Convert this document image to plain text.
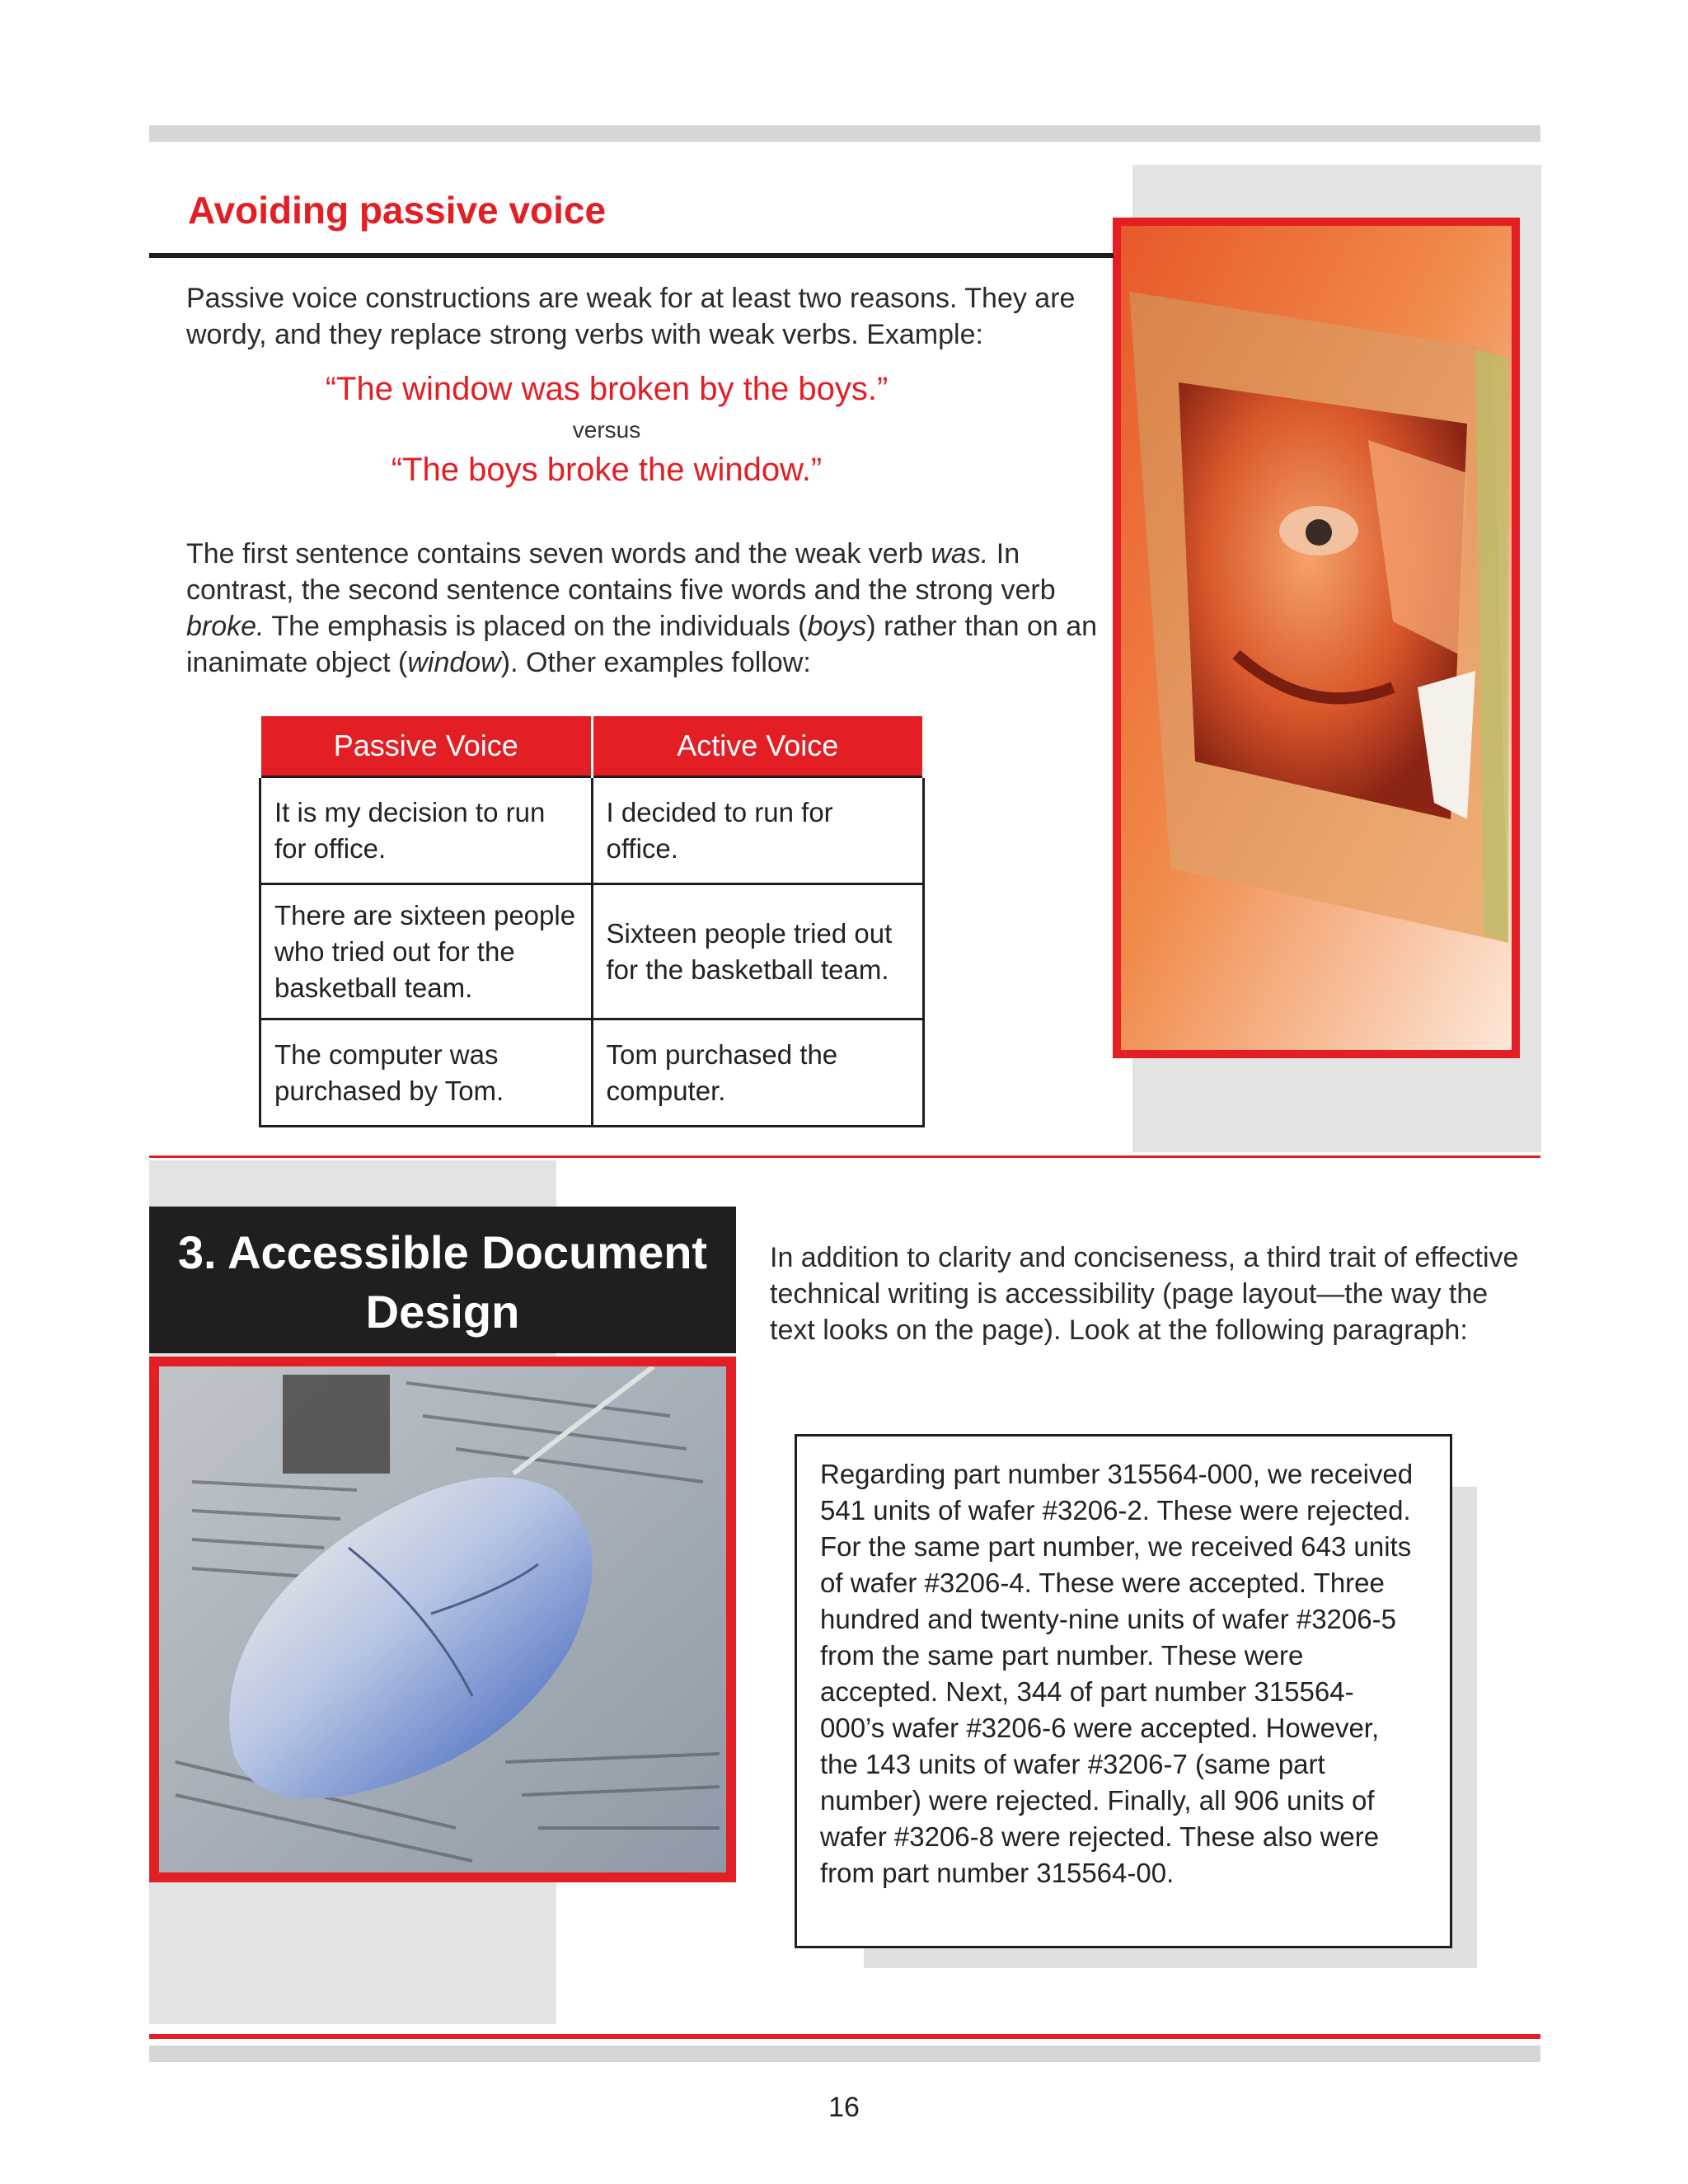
Avoiding passive voice

Passive voice constructions are weak for at least two reasons. They are wordy, and they replace strong verbs with weak verbs. Example:

“The window was broken by the boys.”

versus

“The boys broke the window.”

The first sentence contains seven words and the weak verb was. In contrast, the second sentence contains five words and the strong verb broke. The emphasis is placed on the individuals (boys) rather than on an inanimate object (window). Other examples follow:

Passive Voice	Active Voice
It is my decision to run for office.	I decided to run for office.
There are sixteen people who tried out for the basketball team.	Sixteen people tried out for the basketball team.
The computer was purchased by Tom.	Tom purchased the computer.
3. Accessible Document Design

In addition to clarity and conciseness, a third trait of effective technical writing is accessibility (page layout—the way the text looks on the page). Look at the following paragraph:

Regarding part number 315564-000, we received 541 units of wafer #3206-2. These were rejected. For the same part number, we received 643 units of wafer #3206-4. These were accepted. Three hundred and twenty-nine units of wafer #3206-5 from the same part number. These were accepted. Next, 344 of part number 315564-000’s wafer #3206-6 were accepted. However, the 143 units of wafer #3206-7 (same part number) were rejected. Finally, all 906 units of wafer #3206-8 were rejected. These also were from part number 315564-00.

16
